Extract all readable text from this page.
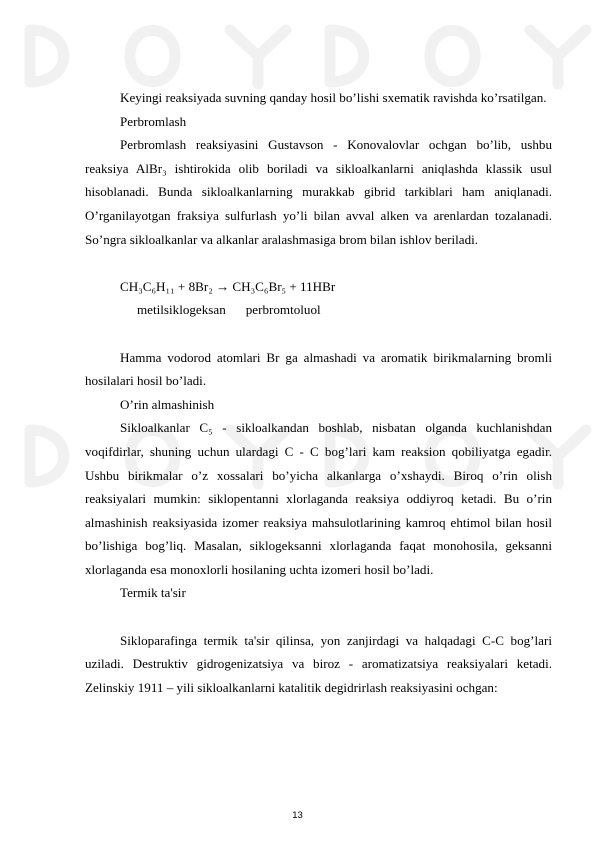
Keyingi reaksiyada suvning qanday hosil bo’lishi sxematik ravishda ko’rsatilgan.

Perbromlash

Perbromlash reaksiyasini Gustavson - Konovalovlar ochgan bo’lib, ushbu reaksiya AlBr₃ ishtirokida olib boriladi va sikloalkanlarni aniqlashda klassik usul hisoblanadi. Bunda sikloalkanlarning murakkab gibrid tarkiblari ham aniqlanadi. O’rganilayotgan fraksiya sulfurlash yo’li bilan avval alken va arenlardan tozalanadi. So’ngra sikloalkanlar va alkanlar aralashmasiga brom bilan ishlov beriladi.

CH₃C₆H₁₁ + 8Br₂ → CH₃C₆Br₅ + 11HBr

metilsiklogeksan perbromtoluol

Hamma vodorod atomlari Br ga almashadi va aromatik birikmalarning bromli hosilalari hosil bo’ladi.

O’rin almashinish

Sikloalkanlar C₅ - sikloalkandan boshlab, nisbatan olganda kuchlanishdan voqifdirlar, shuning uchun ulardagi C - C bog’lari kam reaksion qobiliyatga egadir. Ushbu birikmalar o’z xossalari bo’yicha alkanlarga o’xshaydi. Biroq o’rin olish reaksiyalari mumkin: siklopentanni xlorlaganda reaksiya oddiyroq ketadi. Bu o’rin almashinish reaksiyasida izomer reaksiya mahsulotlarining kamroq ehtimol bilan hosil bo’lishiga bog’liq. Masalan, siklogeksanni xlorlaganda faqat monohosila, geksanni xlorlaganda esa monoxlorli hosilaning uchta izomeri hosil bo’ladi.

Termik ta'sir

Sikloparafinga termik ta'sir qilinsa, yon zanjirdagi va halqadagi C-C bog’lari uziladi. Destruktiv gidrogenizatsiya va biroz - aromatizatsiya reaksiyalari ketadi. Zelinskiy 1911 – yili sikloalkanlarni katalitik degidrirlash reaksiyasini ochgan:

13
